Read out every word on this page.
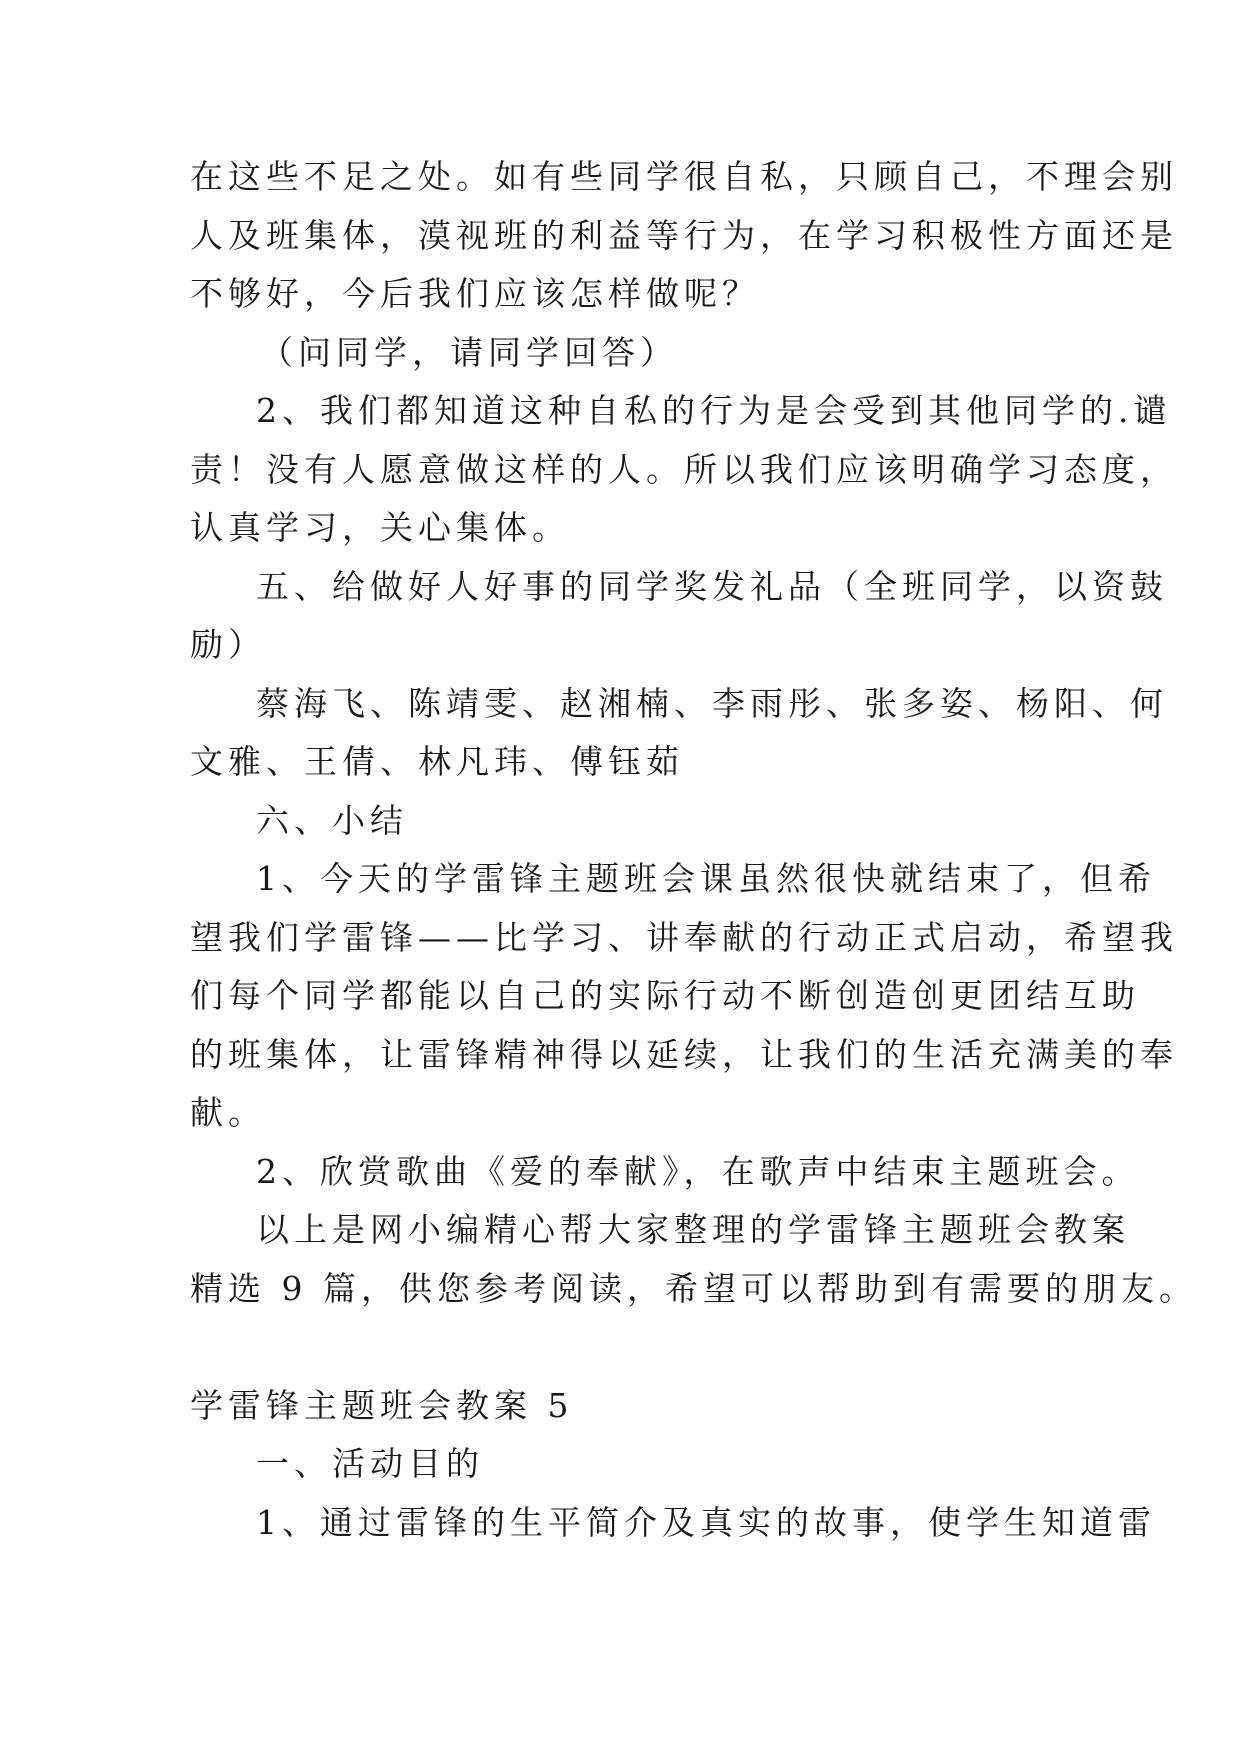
在这些不足之处。如有些同学很自私，只顾自己，不理会别
人及班集体，漠视班的利益等行为，在学习积极性方面还是
不够好，今后我们应该怎样做呢？
（问同学，请同学回答）
2、我们都知道这种自私的行为是会受到其他同学的.谴
责！没有人愿意做这样的人。所以我们应该明确学习态度，
认真学习，关心集体。
五、给做好人好事的同学奖发礼品（全班同学，以资鼓
励）
蔡海飞、陈靖雯、赵湘楠、李雨彤、张多姿、杨阳、何
文雅、王倩、林凡玮、傅钰茹
六、小结
1、今天的学雷锋主题班会课虽然很快就结束了，但希
望我们学雷锋——比学习、讲奉献的行动正式启动，希望我
们每个同学都能以自己的实际行动不断创造创更团结互助
的班集体，让雷锋精神得以延续，让我们的生活充满美的奉
献。
2、欣赏歌曲《爱的奉献》，在歌声中结束主题班会。
以上是网小编精心帮大家整理的学雷锋主题班会教案
精选 9 篇，供您参考阅读，希望可以帮助到有需要的朋友。
学雷锋主题班会教案 5
一、活动目的
1、通过雷锋的生平简介及真实的故事，使学生知道雷
